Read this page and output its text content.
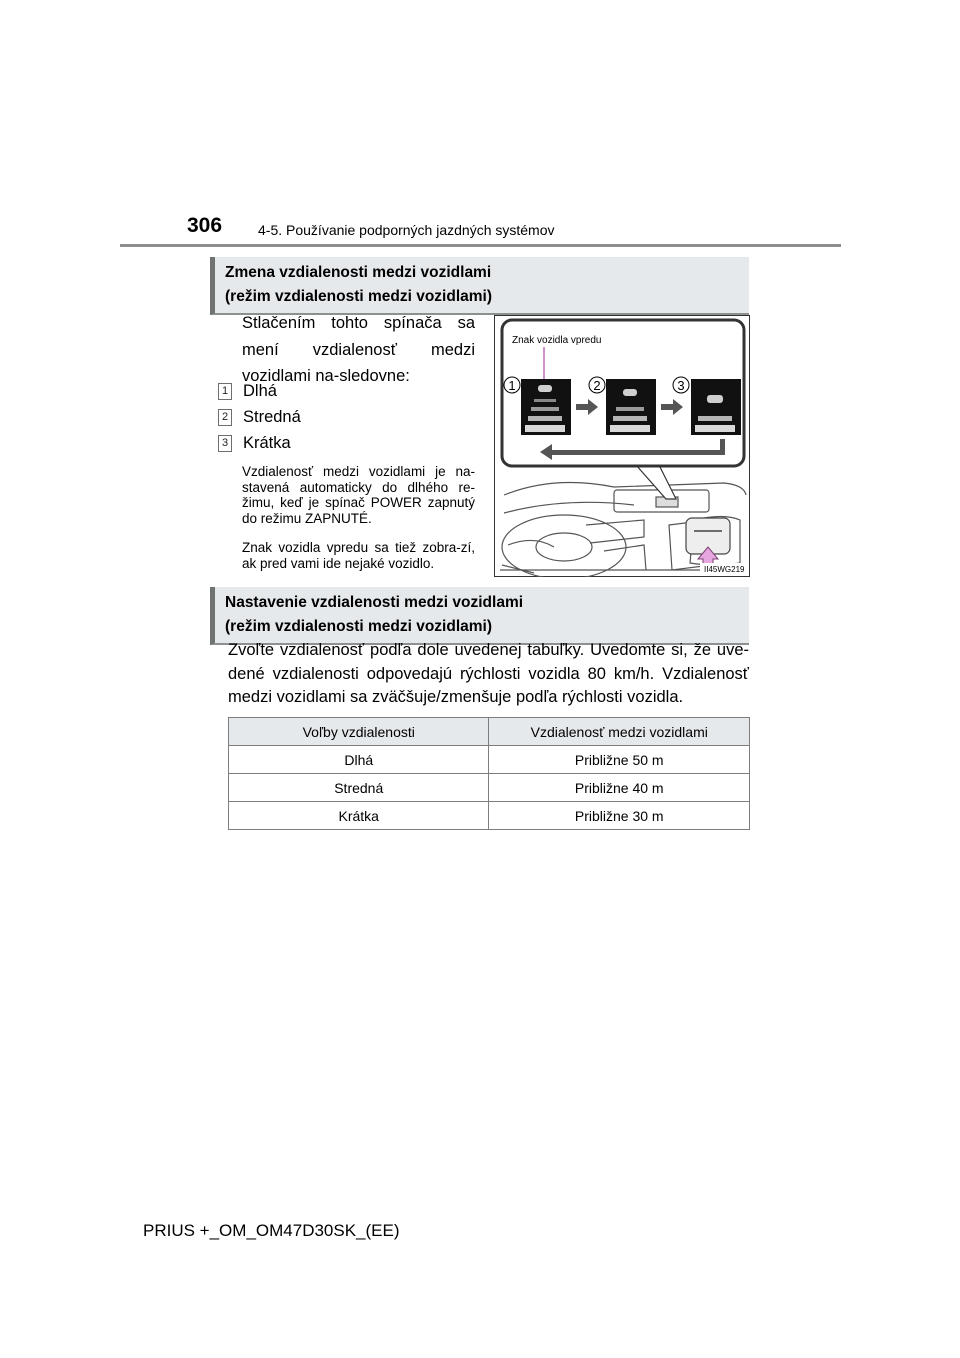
306	4-5. Používanie podporných jazdných systémov
Zmena vzdialenosti medzi vozidlami
(režim vzdialenosti medzi vozidlami)
Stlačením tohto spínača sa mení vzdialenosť medzi vozidlami na-sledovne:
1 Dlhá
2 Stredná
3 Krátka
Vzdialenosť medzi vozidlami je na-stavená automaticky do dlhého re-žimu, keď je spínač POWER zapnutý do režimu ZAPNUTÉ.
Znak vozidla vpredu sa tiež zobra-zí, ak pred vami ide nejaké vozidlo.
Znak vozidla vpredu
1	2	3
II45WG219
Nastavenie vzdialenosti medzi vozidlami
(režim vzdialenosti medzi vozidlami)
Zvoľte vzdialenosť podľa dole uvedenej tabuľky. Uvedomte si, že uve-dené vzdialenosti odpovedajú rýchlosti vozidla 80 km/h. Vzdialenosť medzi vozidlami sa zväčšuje/zmenšuje podľa rýchlosti vozidla.
Voľby vzdialenosti	Vzdialenosť medzi vozidlami
Dlhá	Približne 50 m
Stredná	Približne 40 m
Krátka	Približne 30 m
PRIUS +_OM_OM47D30SK_(EE)
